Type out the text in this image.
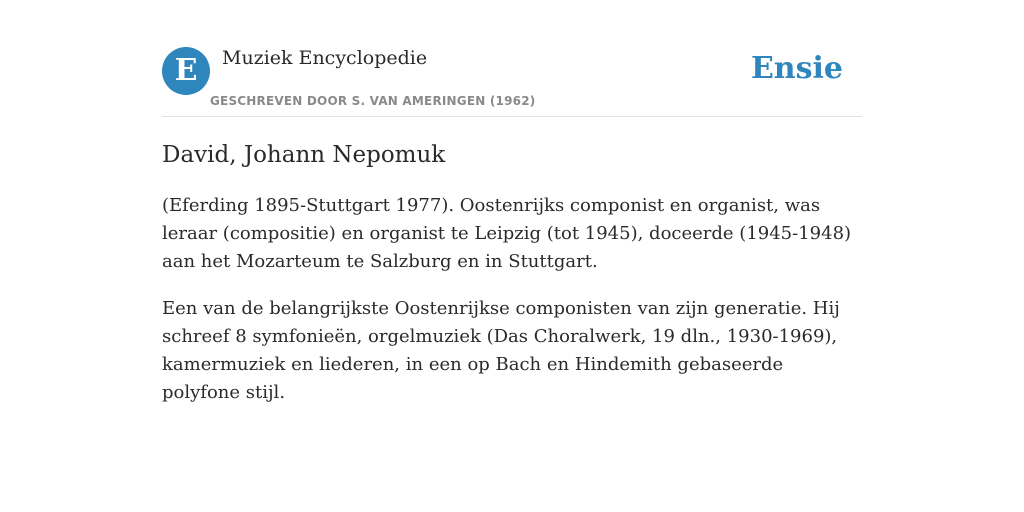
E	Muziek Encyclopedie
GESCHREVEN DOOR S. VAN AMERINGEN (1962)
Ensie
David, Johann Nepomuk

(Eferding 1895-Stuttgart 1977). Oostenrijks componist en organist, was leraar (compositie) en organist te Leipzig (tot 1945), doceerde (1945-1948) aan het Mozarteum te Salzburg en in Stuttgart.

Een van de belangrijkste Oostenrijkse componisten van zijn generatie. Hij schreef 8 symfonieën, orgelmuziek (Das Choralwerk, 19 dln., 1930-1969), kamermuziek en liederen, in een op Bach en Hindemith gebaseerde polyfone stijl.
